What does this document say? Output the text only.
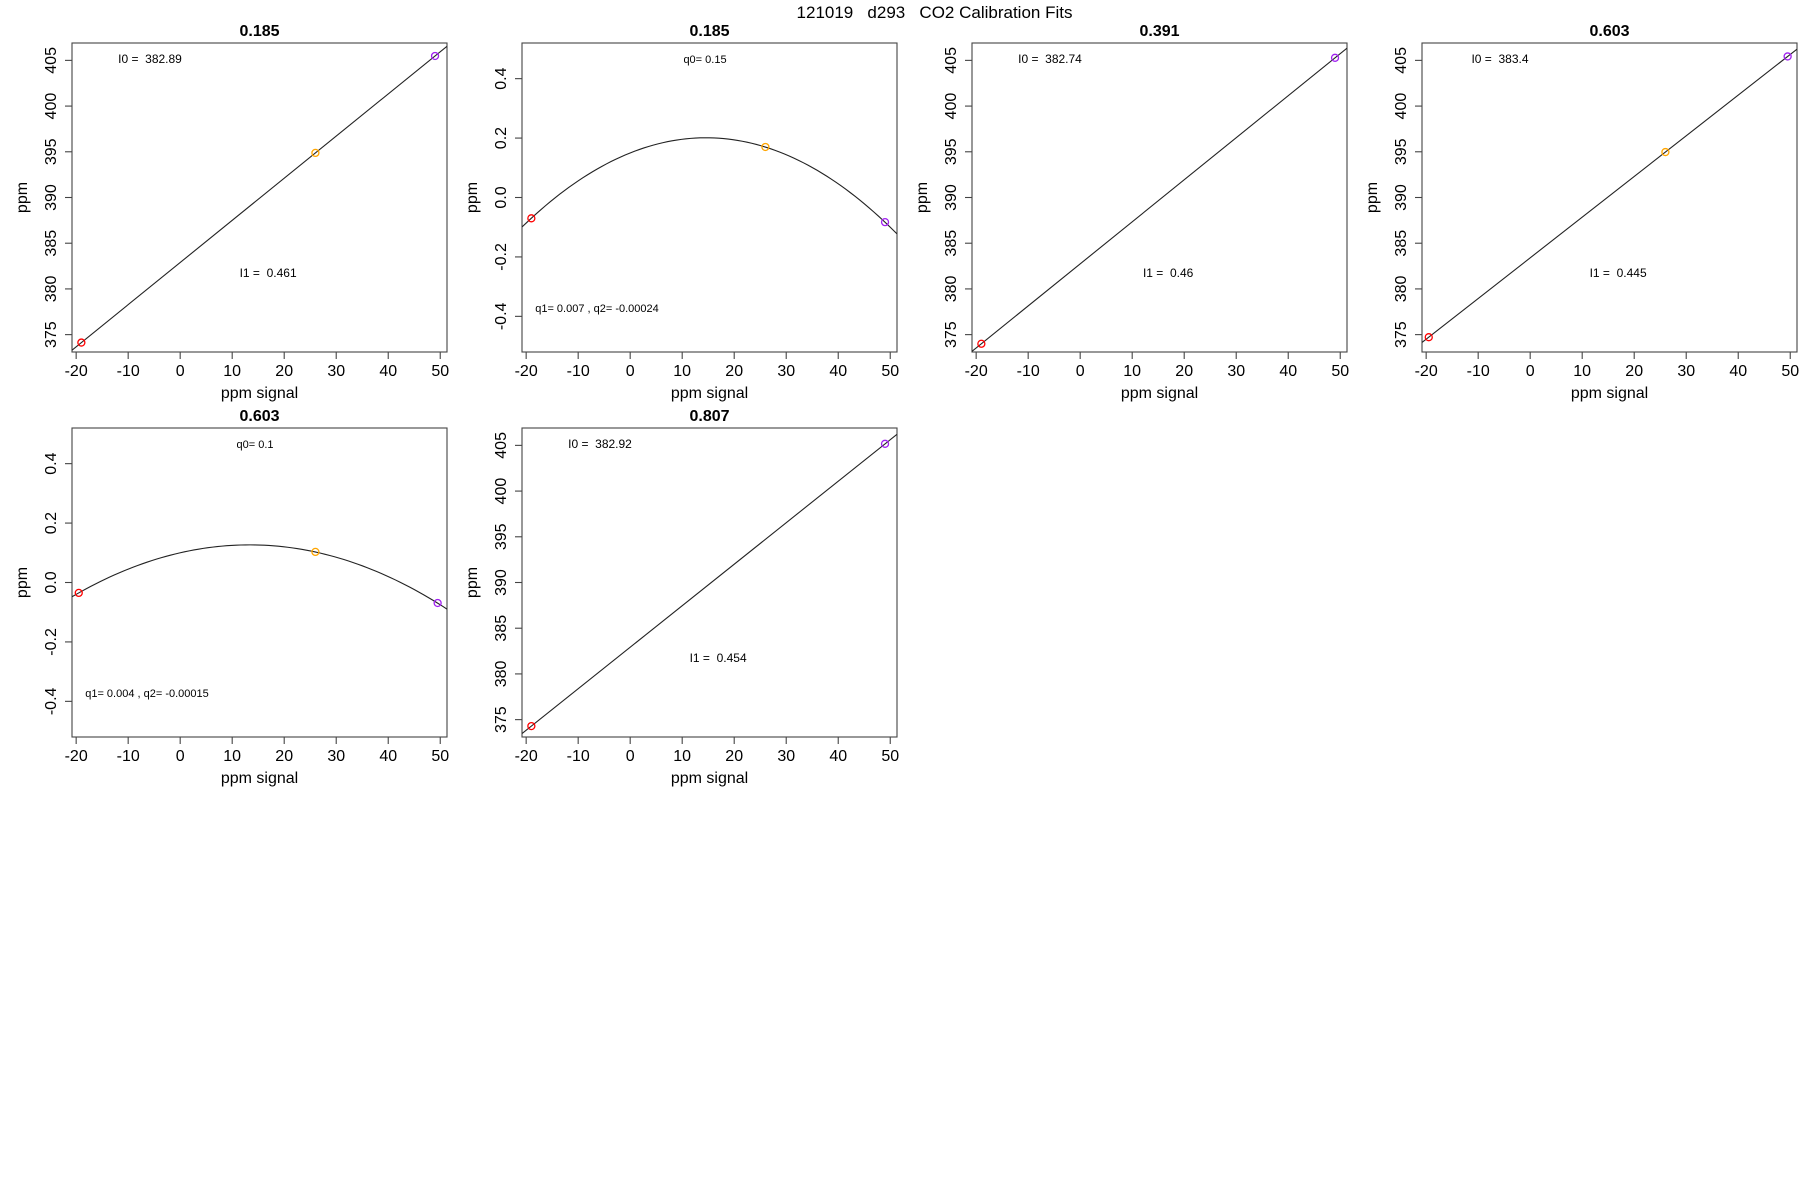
121019   d293   CO2 Calibration Fits
0.185
-20 -10 0 10 20 30 40 50
375
380
385
390
395
400
405
ppm signal
ppm
I0 =  382.89
I1 =  0.461
0.185
-20 -10 0 10 20 30 40 50
-0.4
-0.2
0.0
0.2
0.4
ppm signal
ppm
q0= 0.15
q1= 0.007 , q2= -0.00024
0.391
-20 -10 0 10 20 30 40 50
375
380
385
390
395
400
405
ppm signal
ppm
I0 =  382.74
I1 =  0.46
0.603
-20 -10 0 10 20 30 40 50
375
380
385
390
395
400
405
ppm signal
ppm
I0 =  383.4
I1 =  0.445
0.603
-20 -10 0 10 20 30 40 50
-0.4
-0.2
0.0
0.2
0.4
ppm signal
ppm
q0= 0.1
q1= 0.004 , q2= -0.00015
0.807
-20 -10 0 10 20 30 40 50
375
380
385
390
395
400
405
ppm signal
ppm
I0 =  382.92
I1 =  0.454
